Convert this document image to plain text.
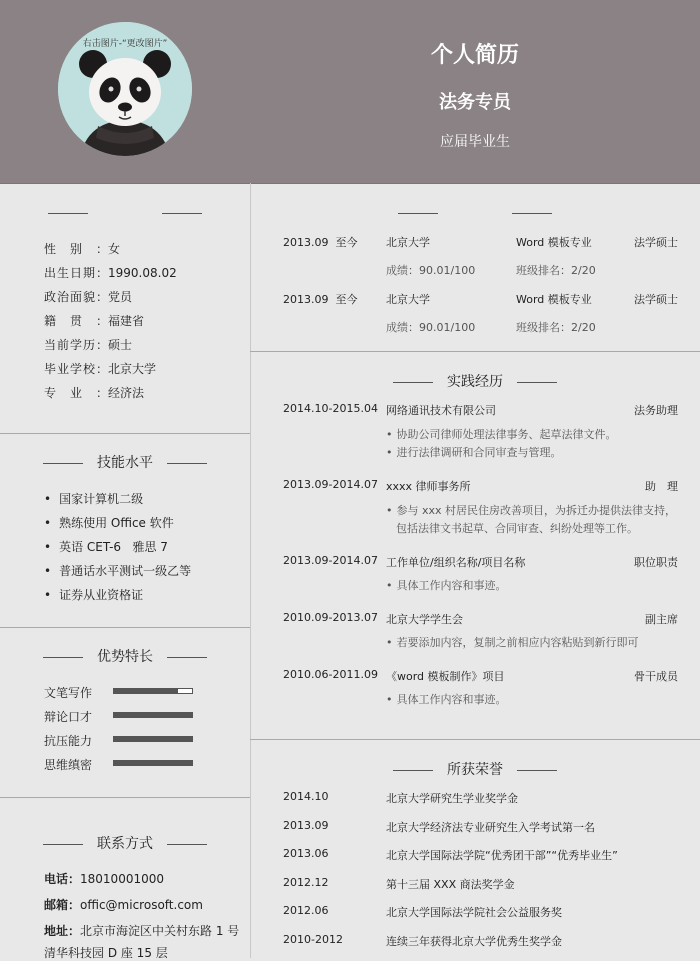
右击图片-“更改图片”	个人简历
法务专员
应届毕业生
性别：女
出生日期：1990.08.02
政治面貌：党员
籍贯：福建省
当前学历：硕士
毕业学校：北京大学
专业：经济法
技能水平
• 国家计算机二级
• 熟练使用 Office 软件
• 英语 CET-6   雅思 7
• 普通话水平测试一级乙等
• 证券从业资格证
优势特长
文笔写作
辩论口才
抗压能力
思维缜密
联系方式
电话：18010001000
邮箱：offic@microsoft.com
地址：北京市海淀区中关村东路 1 号
清华科技园 D 座 15 层
2013.09  至今	北京大学	Word 模板专业	法学硕士
成绩：90.01/100	班级排名：2/20
2013.09  至今	北京大学	Word 模板专业	法学硕士
成绩：90.01/100	班级排名：2/20
实践经历
2014.10-2015.04 网络通讯技术有限公司	法务助理
• 协助公司律师处理法律事务、起草法律文件。
• 进行法律调研和合同审查与管理。
2013.09-2014.07 xxxx 律师事务所	助　理
• 参与 xxx 村居民住房改善项目，为拆迁办提供法律支持，
包括法律文书起草、合同审查、纠纷处理等工作。
2013.09-2014.07 工作单位/组织名称/项目名称	职位职责
• 具体工作内容和事迹。
2010.09-2013.07 北京大学学生会	副主席
• 若要添加内容，复制之前相应内容粘贴到新行即可
2010.06-2011.09 《word 模板制作》项目	骨干成员
• 具体工作内容和事迹。
所获荣誉
2014.10	北京大学研究生学业奖学金
2013.09	北京大学经济法专业研究生入学考试第一名
2013.06	北京大学国际法学院“优秀团干部”“优秀毕业生”
2012.12	第十三届 XXX 商法奖学金
2012.06	北京大学国际法学院社会公益服务奖
2010-2012	连续三年获得北京大学优秀生奖学金
